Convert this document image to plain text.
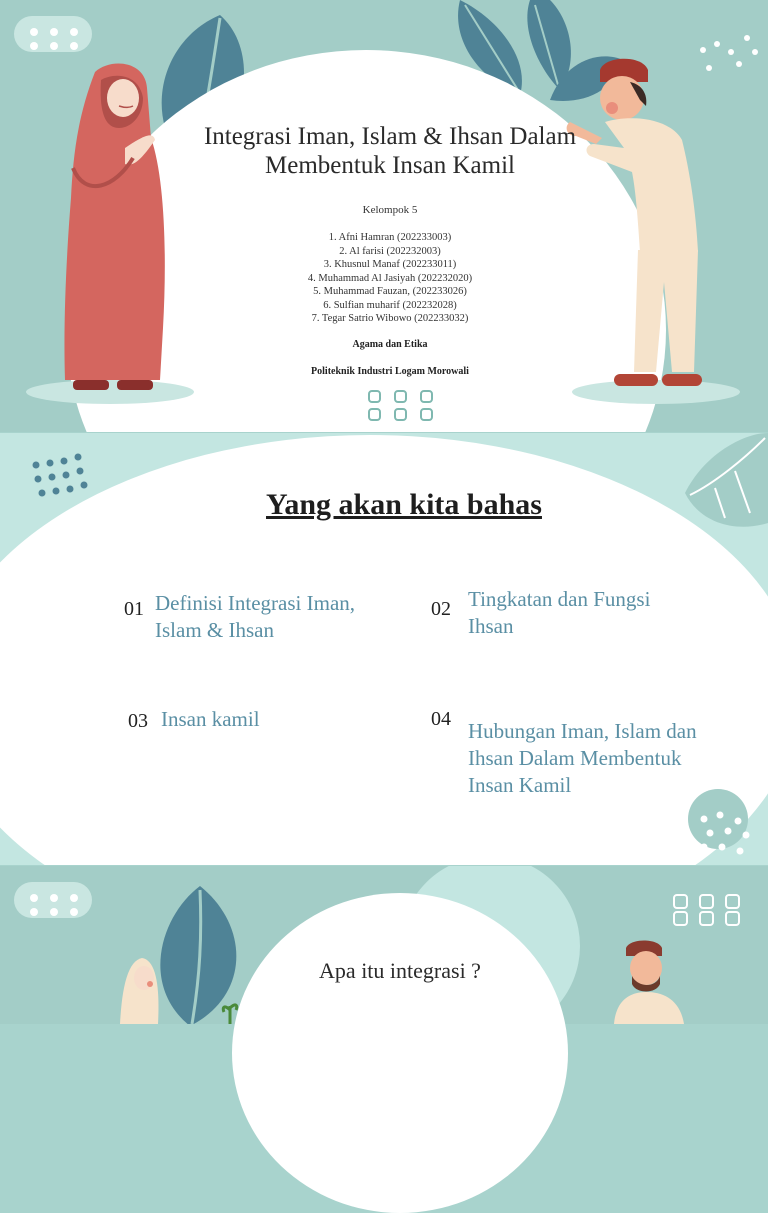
Integrasi Iman, Islam & Ihsan Dalam Membentuk Insan Kamil
Kelompok 5
1. Afni Hamran (202233003)
2. Al farisi (202232003)
3. Khusnul Manaf (202233011)
4. Muhammad Al Jasiyah (202232020)
5. Muhammad Fauzan, (202233026)
6. Sulfian muharif (202232028)
7. Tegar Satrio Wibowo (202233032)
Agama dan Etika
Politeknik Industri Logam Morowali
Yang akan kita bahas
01 Definisi Integrasi Iman, Islam & Ihsan
02 Tingkatan dan Fungsi Ihsan
03 Insan kamil	04 Hubungan Iman, Islam dan Ihsan Dalam Membentuk Insan Kamil
Apa itu integrasi ?
